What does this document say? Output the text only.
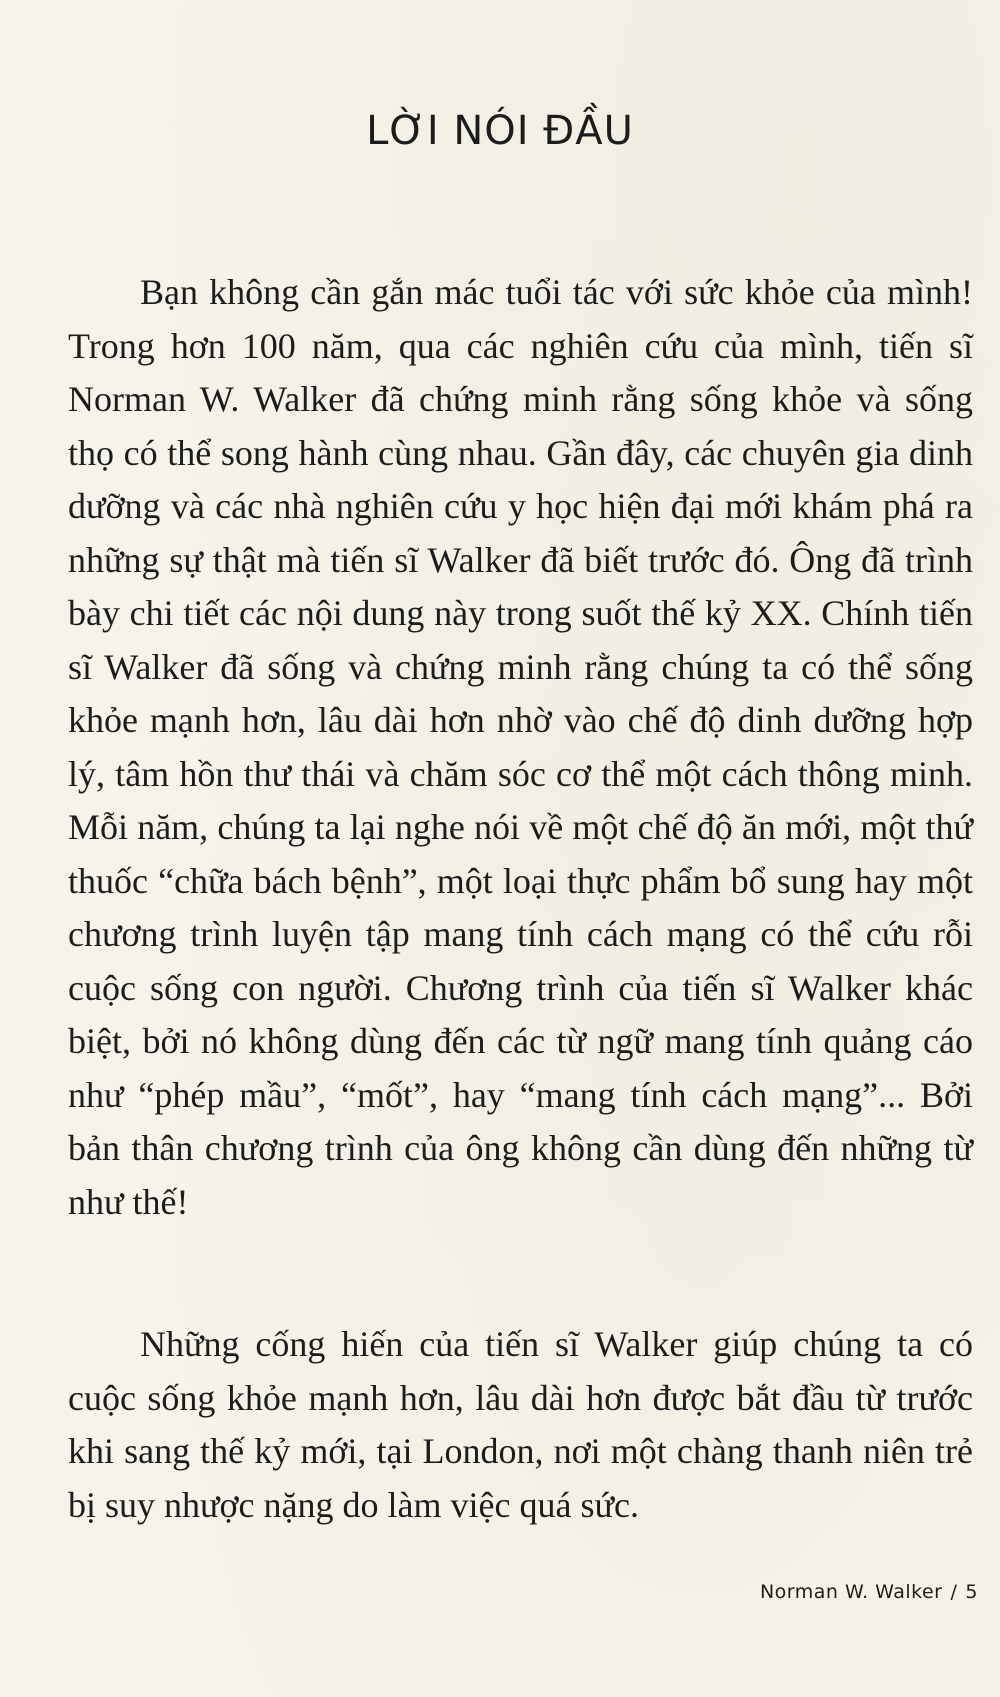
LỜI NÓI ĐẦU

Bạn không cần gắn mác tuổi tác với sức khỏe của mình! Trong hơn 100 năm, qua các nghiên cứu của mình, tiến sĩ Norman W. Walker đã chứng minh rằng sống khỏe và sống thọ có thể song hành cùng nhau. Gần đây, các chuyên gia dinh dưỡng và các nhà nghiên cứu y học hiện đại mới khám phá ra những sự thật mà tiến sĩ Walker đã biết trước đó. Ông đã trình bày chi tiết các nội dung này trong suốt thế kỷ XX. Chính tiến sĩ Walker đã sống và chứng minh rằng chúng ta có thể sống khỏe mạnh hơn, lâu dài hơn nhờ vào chế độ dinh dưỡng hợp lý, tâm hồn thư thái và chăm sóc cơ thể một cách thông minh. Mỗi năm, chúng ta lại nghe nói về một chế độ ăn mới, một thứ thuốc “chữa bách bệnh”, một loại thực phẩm bổ sung hay một chương trình luyện tập mang tính cách mạng có thể cứu rỗi cuộc sống con người. Chương trình của tiến sĩ Walker khác biệt, bởi nó không dùng đến các từ ngữ mang tính quảng cáo như “phép mầu”, “mốt”, hay “mang tính cách mạng”... Bởi bản thân chương trình của ông không cần dùng đến những từ như thế!

Những cống hiến của tiến sĩ Walker giúp chúng ta có cuộc sống khỏe mạnh hơn, lâu dài hơn được bắt đầu từ trước khi sang thế kỷ mới, tại London, nơi một chàng thanh niên trẻ bị suy nhược nặng do làm việc quá sức.

Norman W. Walker / 5
